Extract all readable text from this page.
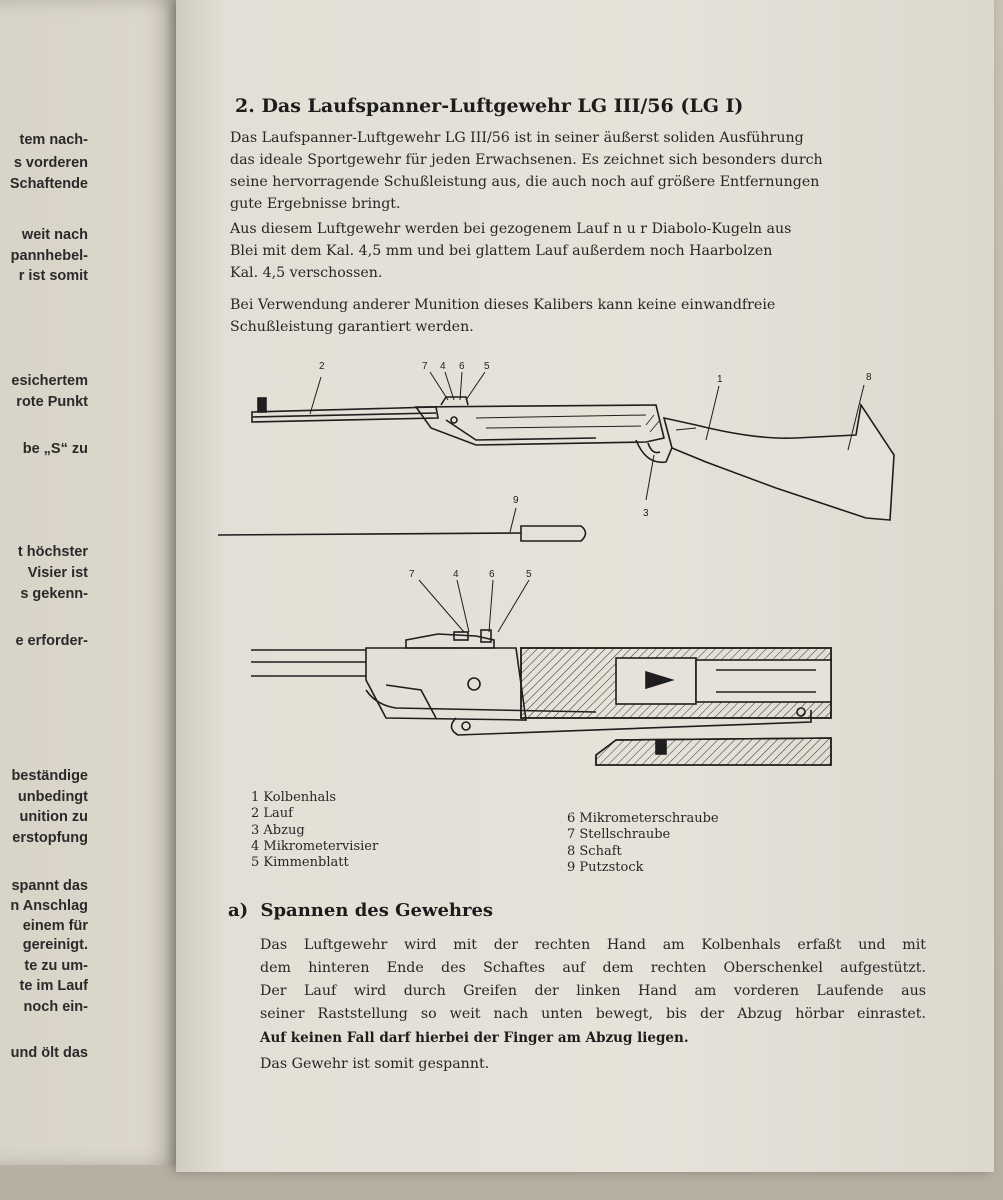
tem nach-
s vorderen
Schaftende
weit nach
pannhebel-
r ist somit
esichertem
rote Punkt
be „S“ zu
t höchster
Visier ist
s gekenn-
e erforder-
beständige
unbedingt
unition zu
erstopfung
spannt das
n Anschlag
einem für
gereinigt.
te zu um-
te im Lauf
noch ein-
und ölt das
2. Das Laufspanner-Luftgewehr LG III/56 (LG I)
Das Laufspanner-Luftgewehr LG III/56 ist in seiner äußerst soliden Ausführung
das ideale Sportgewehr für jeden Erwachsenen. Es zeichnet sich besonders durch
seine hervorragende Schußleistung aus, die auch noch auf größere Entfernungen
gute Ergebnisse bringt.
Aus diesem Luftgewehr werden bei gezogenem Lauf n u r Diabolo-Kugeln aus
Blei mit dem Kal. 4,5 mm und bei glattem Lauf außerdem noch Haarbolzen
Kal. 4,5 verschossen.
Bei Verwendung anderer Munition dieses Kalibers kann keine einwandfreie
Schußleistung garantiert werden.
2	7 4 6 5
1	8
3
9
7	4	6	5
1 Kolbenhals
2 Lauf
3 Abzug
4 Mikrometervisier
5 Kimmenblatt
6 Mikrometerschraube
7 Stellschraube
8 Schaft
9 Putzstock
a) Spannen des Gewehres
Das Luftgewehr wird mit der rechten Hand am Kolbenhals erfaßt und mit
dem hinteren Ende des Schaftes auf dem rechten Oberschenkel aufgestützt.
Der Lauf wird durch Greifen der linken Hand am vorderen Laufende aus
seiner Raststellung so weit nach unten bewegt, bis der Abzug hörbar einrastet.
Auf keinen Fall darf hierbei der Finger am Abzug liegen.
Das Gewehr ist somit gespannt.
